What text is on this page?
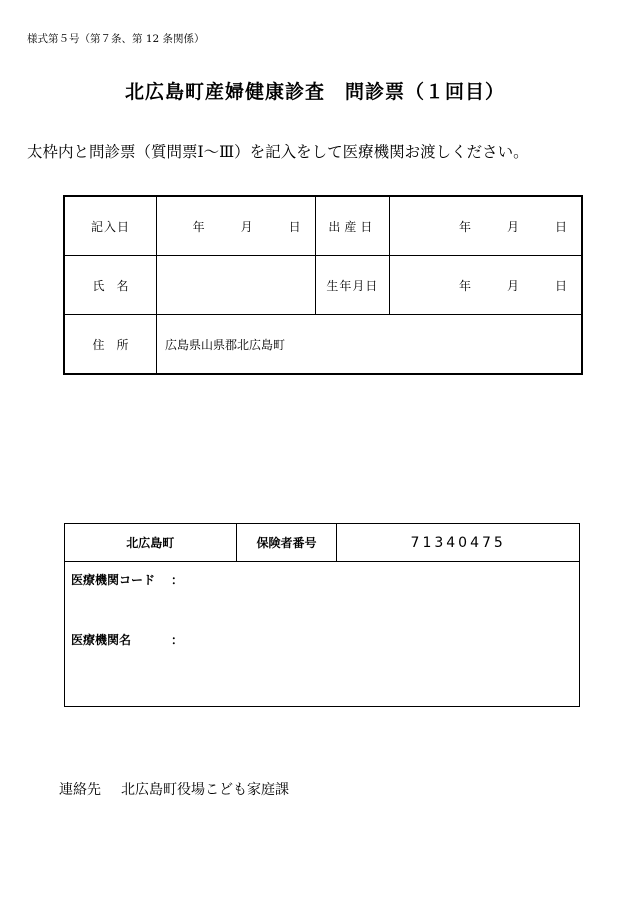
様式第５号（第７条、第 12 条関係）
北広島町産婦健康診査　問診票（１回目）
太枠内と問診票（質問票Ⅰ～Ⅲ）を記入をして医療機関お渡しください。
記入日	年 月 日	出産日	年 月 日
氏名		生年月日	年 月 日
住所	広島県山県郡北広島町		
北広島町	保険者番号	71340475

医療機関コード ：
医療機関名	：
連絡先 北広島町役場こども家庭課
